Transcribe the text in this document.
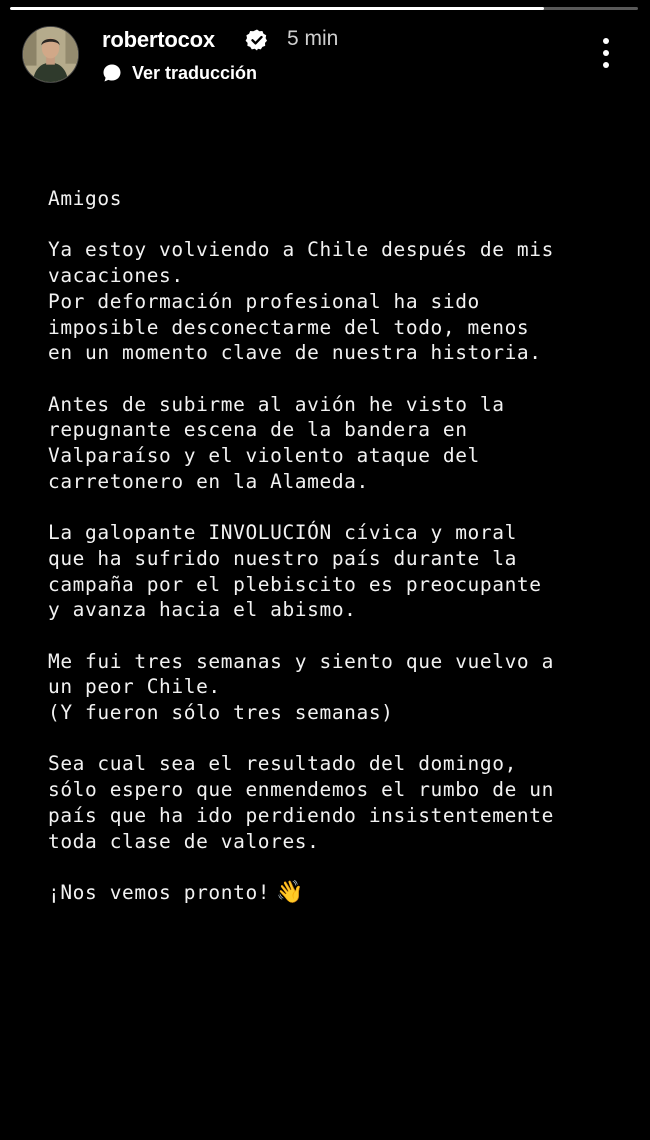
robertocox	5 min
Ver traducción
Amigos
Ya estoy volviendo a Chile después de mis
vacaciones.
Por deformación profesional ha sido
imposible desconectarme del todo, menos
en un momento clave de nuestra historia.
Antes de subirme al avión he visto la
repugnante escena de la bandera en
Valparaíso y el violento ataque del
carretonero en la Alameda.
La galopante INVOLUCIÓN cívica y moral
que ha sufrido nuestro país durante la
campaña por el plebiscito es preocupante
y avanza hacia el abismo.
Me fui tres semanas y siento que vuelvo a
un peor Chile.
(Y fueron sólo tres semanas)
Sea cual sea el resultado del domingo,
sólo espero que enmendemos el rumbo de un
país que ha ido perdiendo insistentemente
toda clase de valores.
¡Nos vemos pronto! 👋
